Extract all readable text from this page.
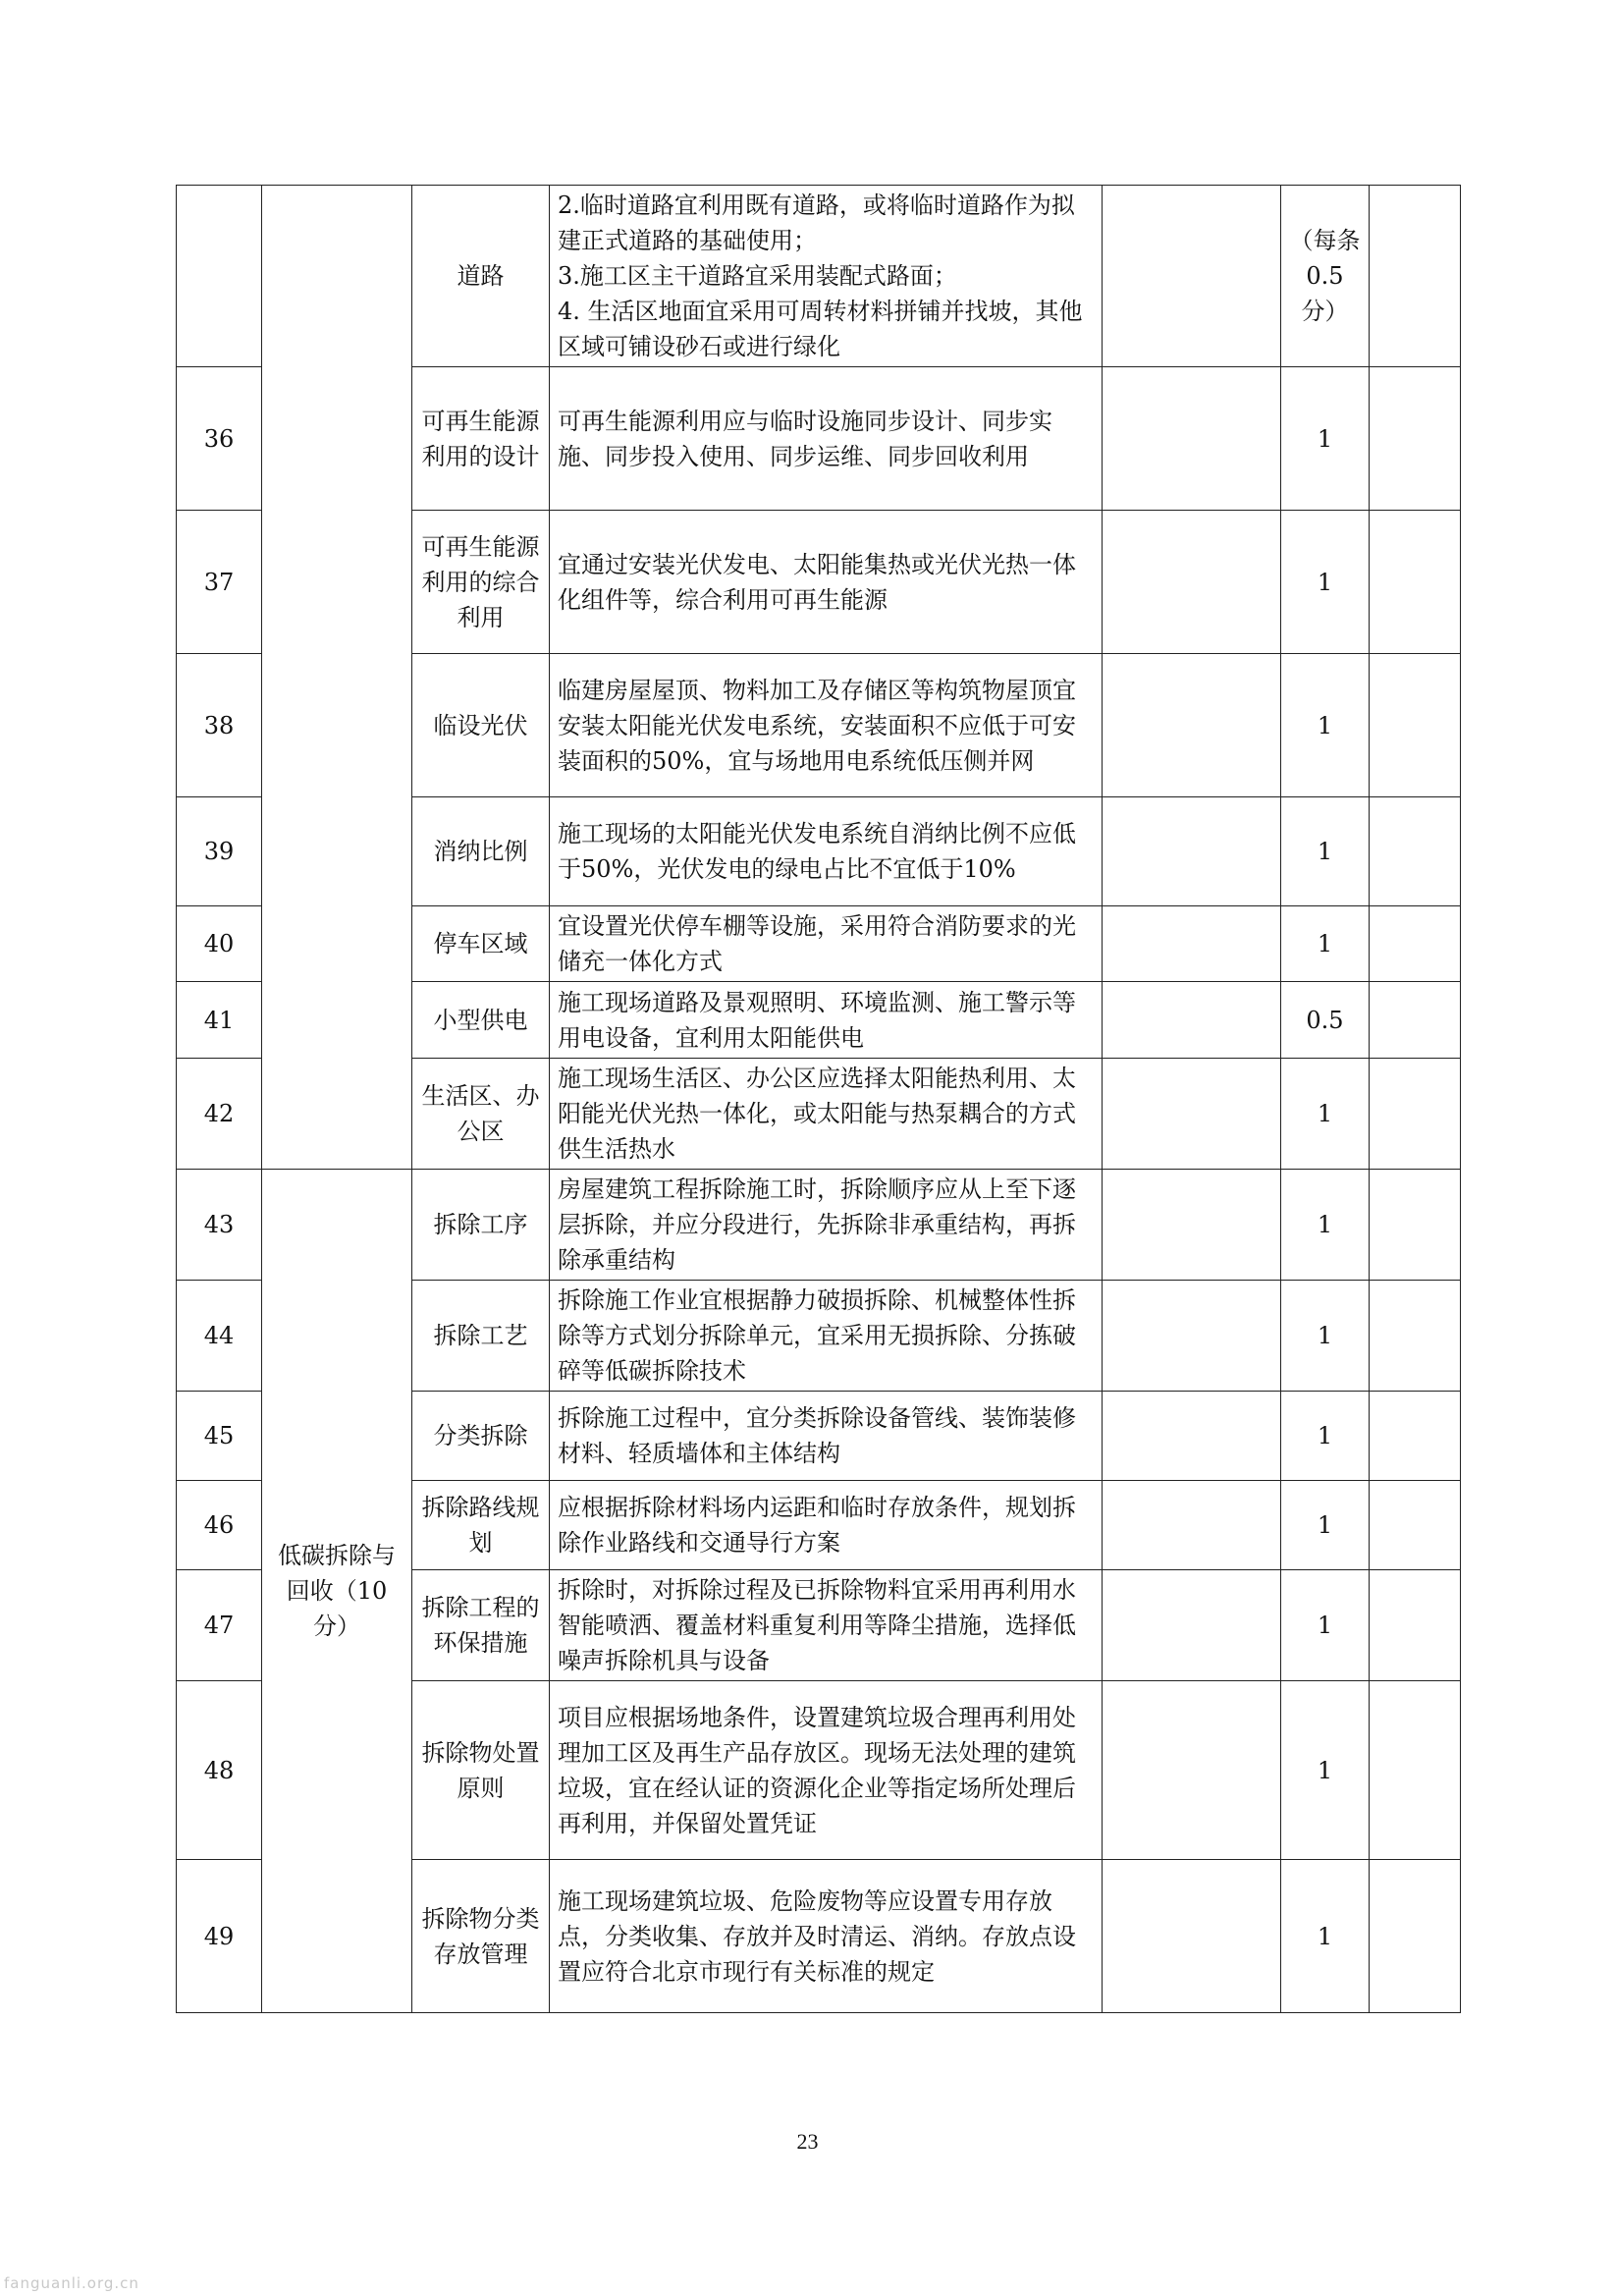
		道路	2.临时道路宜利用既有道路，或将临时道路作为拟建正式道路的基础使用；
3.施工区主干道路宜采用装配式路面；
4. 生活区地面宜采用可周转材料拼铺并找坡，其他区域可铺设砂石或进行绿化		（每条0.5 分）	
36		可再生能源利用的设计	可再生能源利用应与临时设施同步设计、同步实施、同步投入使用、同步运维、同步回收利用		1	
37		可再生能源利用的综合利用	宜通过安装光伏发电、太阳能集热或光伏光热一体化组件等，综合利用可再生能源		1	
38		临设光伏	临建房屋屋顶、物料加工及存储区等构筑物屋顶宜安装太阳能光伏发电系统，安装面积不应低于可安装面积的50%，宜与场地用电系统低压侧并网		1	
39		消纳比例	施工现场的太阳能光伏发电系统自消纳比例不应低于50%，光伏发电的绿电占比不宜低于10%		1	
40		停车区域	宜设置光伏停车棚等设施，采用符合消防要求的光储充一体化方式		1	
41		小型供电	施工现场道路及景观照明、环境监测、施工警示等用电设备，宜利用太阳能供电		0.5	
42		生活区、办公区	施工现场生活区、办公区应选择太阳能热利用、太阳能光伏光热一体化，或太阳能与热泵耦合的方式供生活热水		1	
43	低碳拆除与回收（10分）	拆除工序	房屋建筑工程拆除施工时，拆除顺序应从上至下逐层拆除，并应分段进行，先拆除非承重结构，再拆除承重结构		1	
44		拆除工艺	拆除施工作业宜根据静力破损拆除、机械整体性拆除等方式划分拆除单元，宜采用无损拆除、分拣破碎等低碳拆除技术		1	
45		分类拆除	拆除施工过程中，宜分类拆除设备管线、装饰装修材料、轻质墙体和主体结构		1	
46		拆除路线规划	应根据拆除材料场内运距和临时存放条件，规划拆除作业路线和交通导行方案		1	
47		拆除工程的环保措施	拆除时，对拆除过程及已拆除物料宜采用再利用水智能喷洒、覆盖材料重复利用等降尘措施，选择低噪声拆除机具与设备		1	
48		拆除物处置原则	项目应根据场地条件，设置建筑垃圾合理再利用处理加工区及再生产品存放区。现场无法处理的建筑垃圾，宜在经认证的资源化企业等指定场所处理后再利用，并保留处置凭证		1	
49		拆除物分类存放管理	施工现场建筑垃圾、危险废物等应设置专用存放点，分类收集、存放并及时清运、消纳。存放点设置应符合北京市现行有关标准的规定		1	
23
fanguanli.org.cn
